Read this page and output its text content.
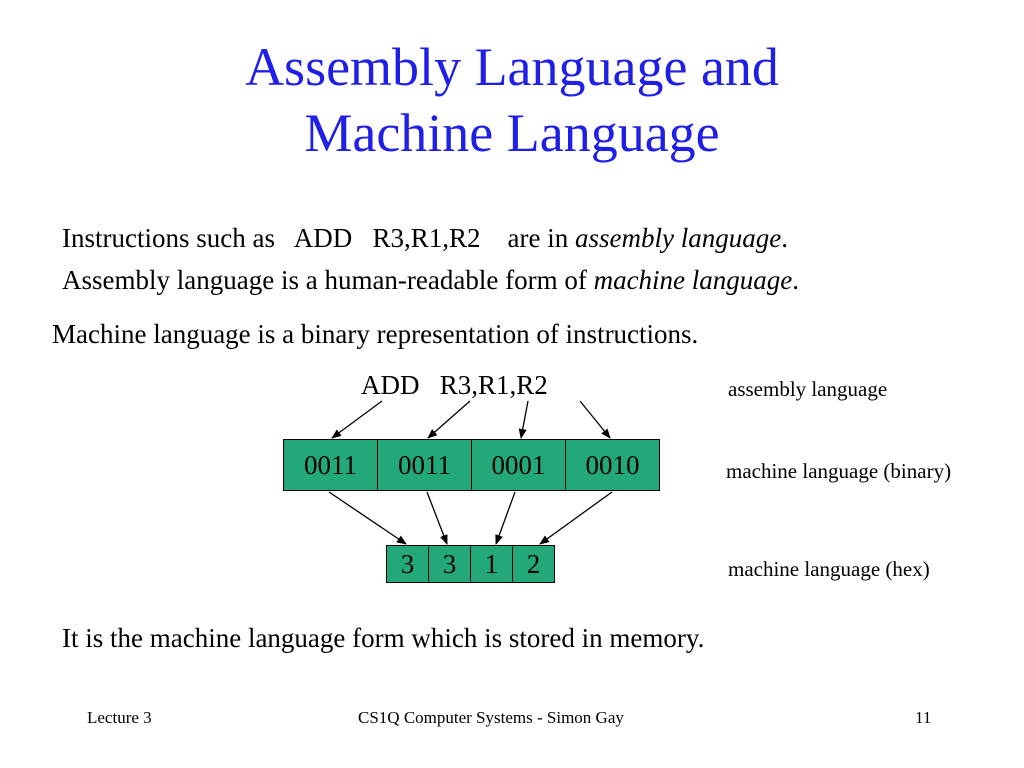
Assembly Language and
Machine Language
Instructions such as   ADD   R3,R1,R2    are in assembly language.
Assembly language is a human-readable form of machine language.
Machine language is a binary representation of instructions.
ADD   R3,R1,R2	assembly language
0011	0011	0001	0010	machine language (binary)
3	3	1	2	machine language (hex)
It is the machine language form which is stored in memory.
Lecture 3	CS1Q Computer Systems - Simon Gay	11
